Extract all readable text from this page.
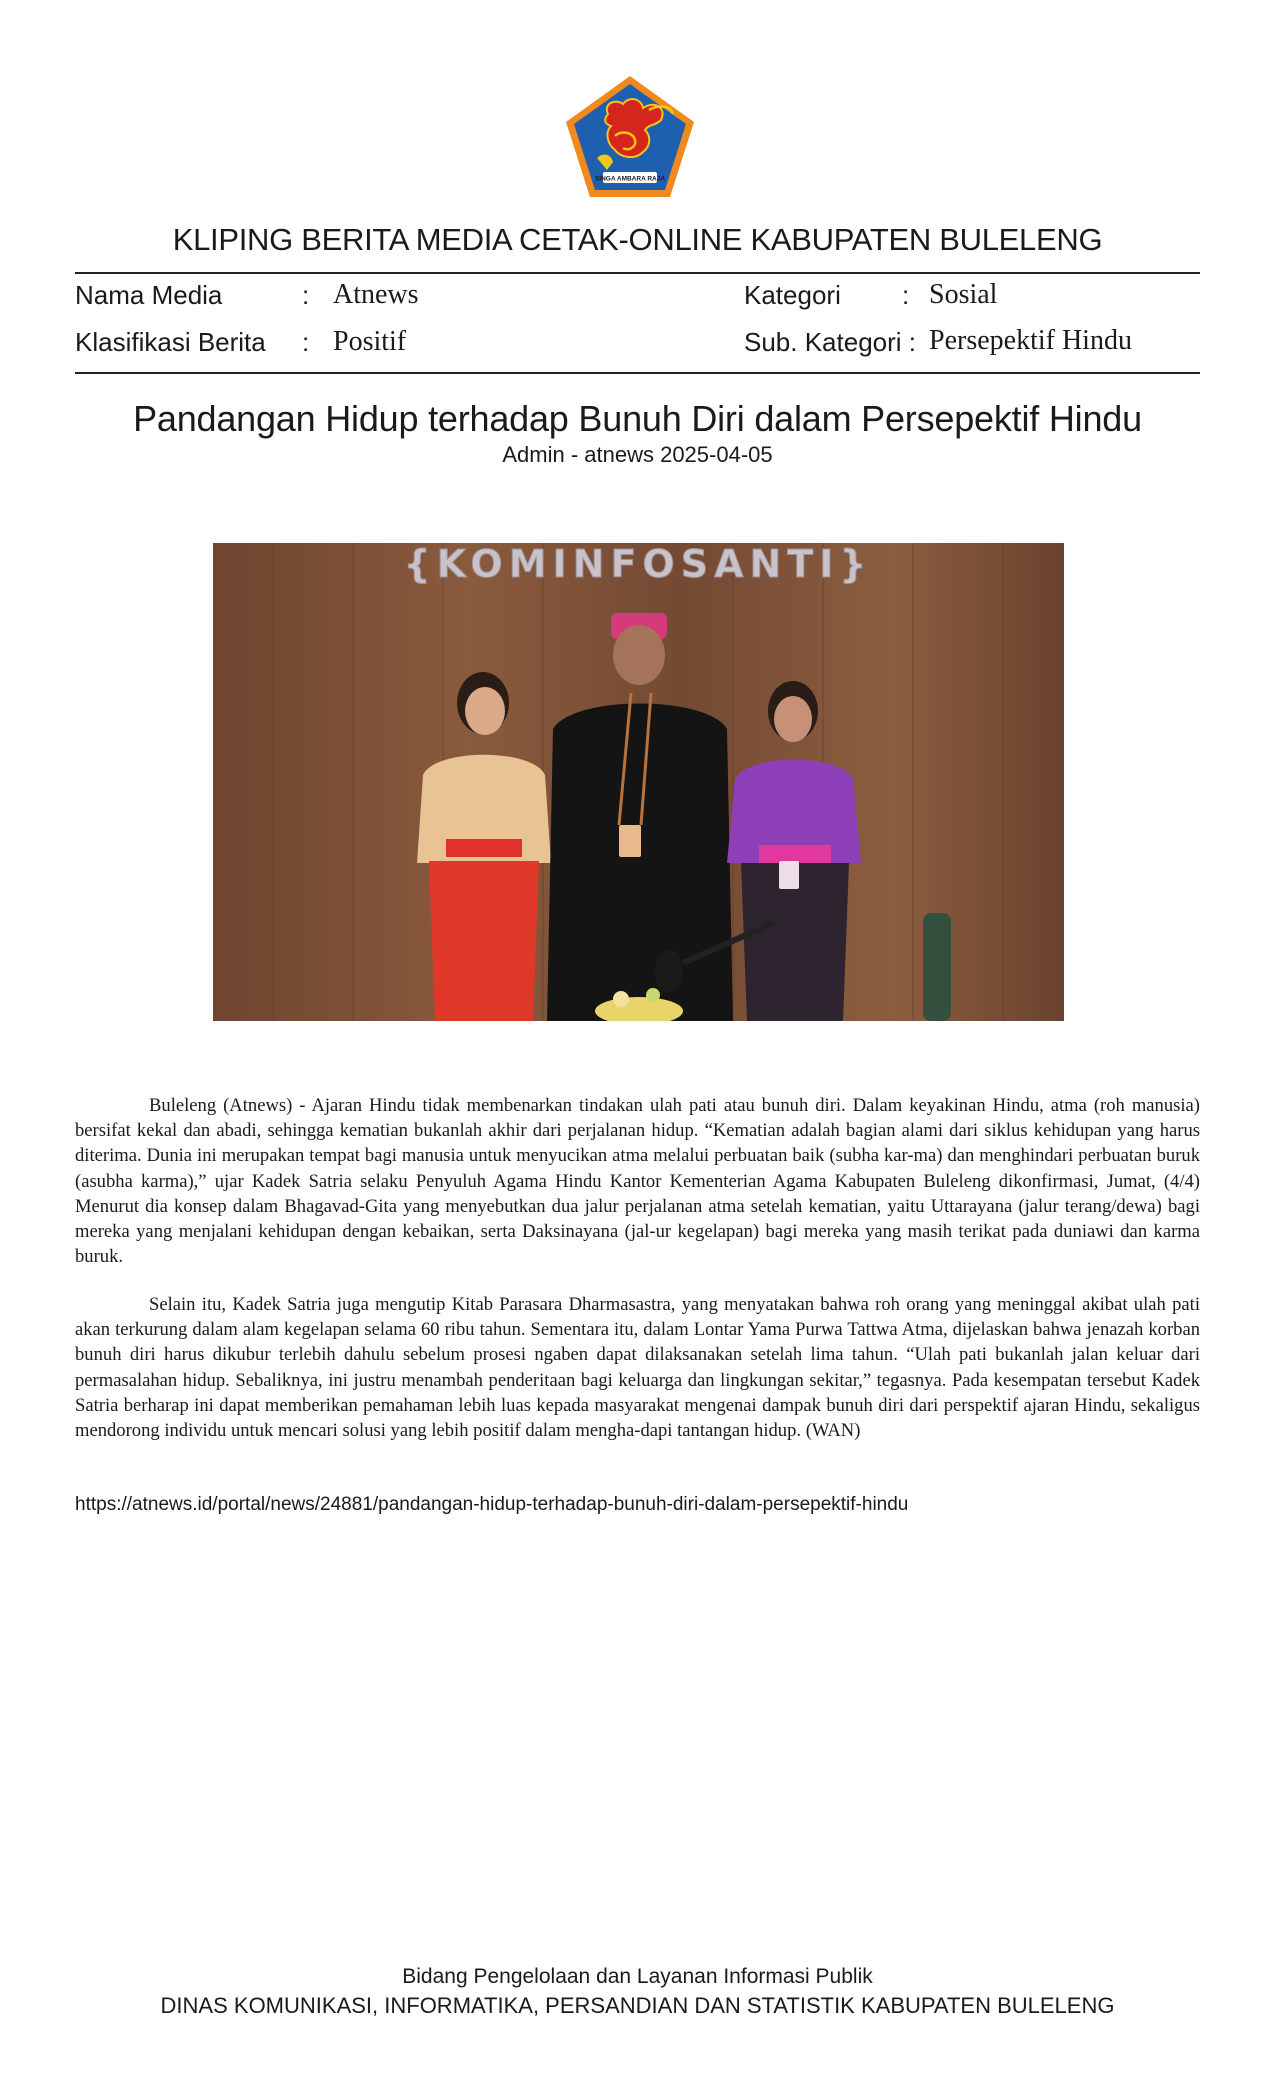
SINGA AMBARA RAJA
KLIPING BERITA MEDIA CETAK-ONLINE KABUPATEN BULELENG
Nama Media	: Atnews
Klasifikasi Berita : Positif
Kategori : Sosial
Sub. Kategori : Persepektif Hindu
Pandangan Hidup terhadap Bunuh Diri dalam Persepektif Hindu
Admin - atnews 2025-04-05
{KOMINFOSANTI}

Buleleng (Atnews) - Ajaran Hindu tidak membenarkan tindakan ulah pati atau bunuh diri. Dalam keyakinan Hindu, atma (roh manusia) bersifat kekal dan abadi, sehingga kematian bukanlah akhir dari perjalanan hidup. “Kematian adalah bagian alami dari siklus kehidupan yang harus diterima. Dunia ini merupakan tempat bagi manusia untuk menyucikan atma melalui perbuatan baik (subha kar-ma) dan menghindari perbuatan buruk (asubha karma),” ujar Kadek Satria selaku Penyuluh Agama Hindu Kantor Kementerian Agama Kabupaten Buleleng dikonfirmasi, Jumat, (4/4) Menurut dia konsep dalam Bhagavad-Gita yang menyebutkan dua jalur perjalanan atma setelah kematian, yaitu Uttarayana (jalur terang/dewa) bagi mereka yang menjalani kehidupan dengan kebaikan, serta Daksinayana (jal-ur kegelapan) bagi mereka yang masih terikat pada duniawi dan karma buruk.

Selain itu, Kadek Satria juga mengutip Kitab Parasara Dharmasastra, yang menyatakan bahwa roh orang yang meninggal akibat ulah pati akan terkurung dalam alam kegelapan selama 60 ribu tahun. Sementara itu, dalam Lontar Yama Purwa Tattwa Atma, dijelaskan bahwa jenazah korban bunuh diri harus dikubur terlebih dahulu sebelum prosesi ngaben dapat dilaksanakan setelah lima tahun. “Ulah pati bukanlah jalan keluar dari permasalahan hidup. Sebaliknya, ini justru menambah penderitaan bagi keluarga dan lingkungan sekitar,” tegasnya. Pada kesempatan tersebut Kadek Satria berharap ini dapat memberikan pemahaman lebih luas kepada masyarakat mengenai dampak bunuh diri dari perspektif ajaran Hindu, sekaligus mendorong individu untuk mencari solusi yang lebih positif dalam mengha-dapi tantangan hidup. (WAN)

https://atnews.id/portal/news/24881/pandangan-hidup-terhadap-bunuh-diri-dalam-persepektif-hindu
Bidang Pengelolaan dan Layanan Informasi Publik
DINAS KOMUNIKASI, INFORMATIKA, PERSANDIAN DAN STATISTIK KABUPATEN BULELENG
